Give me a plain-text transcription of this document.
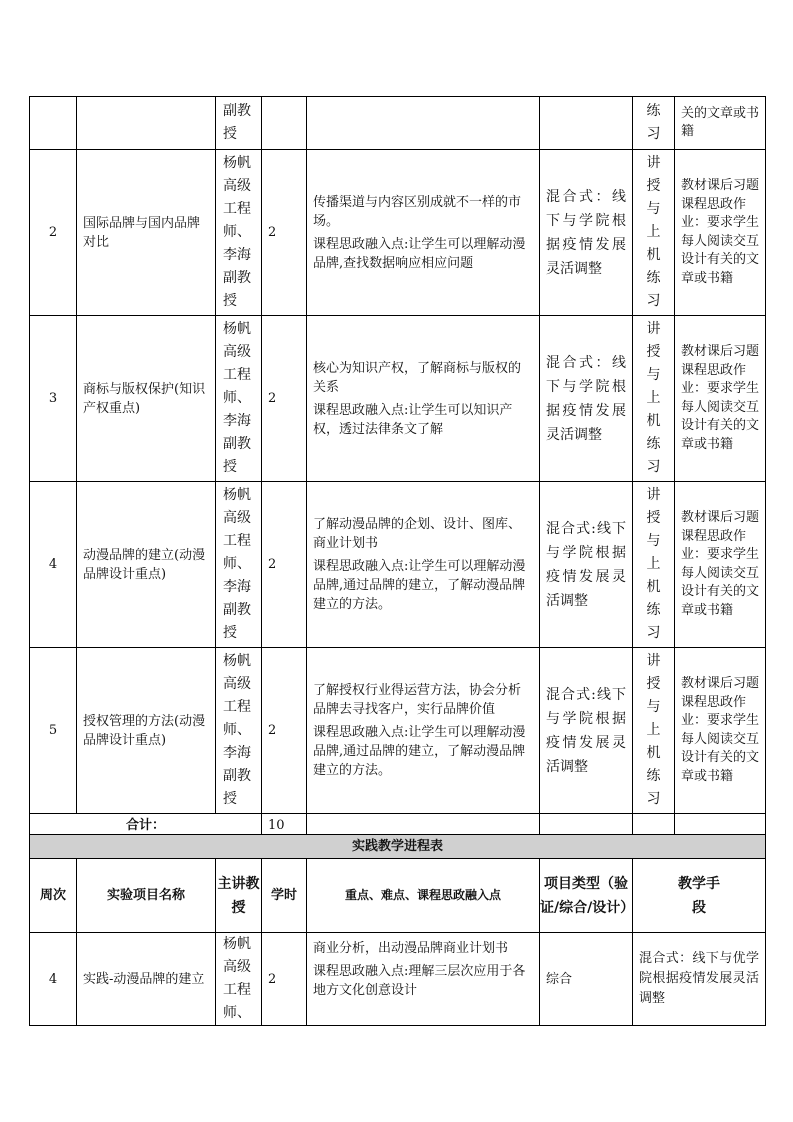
		副教授				练习	关的文章或书籍
2	国际品牌与国内品牌对比	杨帆高级工程师、李海副教授	2	传播渠道与内容区别成就不一样的市场。

课程思政融入点:让学生可以理解动漫品牌,查找数据响应相应问题	混合式：线下与学院根据疫情发展灵活调整	讲授与上机练习	教材课后习题课程思政作业：要求学生每人阅读交互设计有关的文章或书籍
3	商标与版权保护(知识产权重点)	杨帆高级工程师、李海副教授	2	核心为知识产权，了解商标与版权的关系

课程思政融入点:让学生可以知识产权，透过法律条文了解	混合式：线下与学院根据疫情发展灵活调整	讲授与上机练习	教材课后习题课程思政作业：要求学生每人阅读交互设计有关的文章或书籍
4	动漫品牌的建立(动漫品牌设计重点)	杨帆高级工程师、李海副教授	2	了解动漫品牌的企划、设计、图库、商业计划书

课程思政融入点:让学生可以理解动漫品牌,通过品牌的建立，了解动漫品牌建立的方法。	混合式:线下与学院根据疫情发展灵活调整	讲授与上机练习	教材课后习题课程思政作业：要求学生每人阅读交互设计有关的文章或书籍
5	授权管理的方法(动漫品牌设计重点)	杨帆高级工程师、李海副教授	2	了解授权行业得运营方法，协会分析品牌去寻找客户，实行品牌价值

课程思政融入点:让学生可以理解动漫品牌,通过品牌的建立，了解动漫品牌建立的方法。	混合式:线下与学院根据疫情发展灵活调整	讲授与上机练习	教材课后习题课程思政作业：要求学生每人阅读交互设计有关的文章或书籍
合计：			10				
实践教学进程表						
周次	实验项目名称	主讲教授	学时	重点、难点、课程思政融入点	项目类型（验证/综合/设计）	教学手段
4	实践-动漫品牌的建立	杨帆高级工程师、	2	商业分析，出动漫品牌商业计划书

课程思政融入点:理解三层次应用于各地方文化创意设计	综合	混合式：线下与优学院根据疫情发展灵活调整
